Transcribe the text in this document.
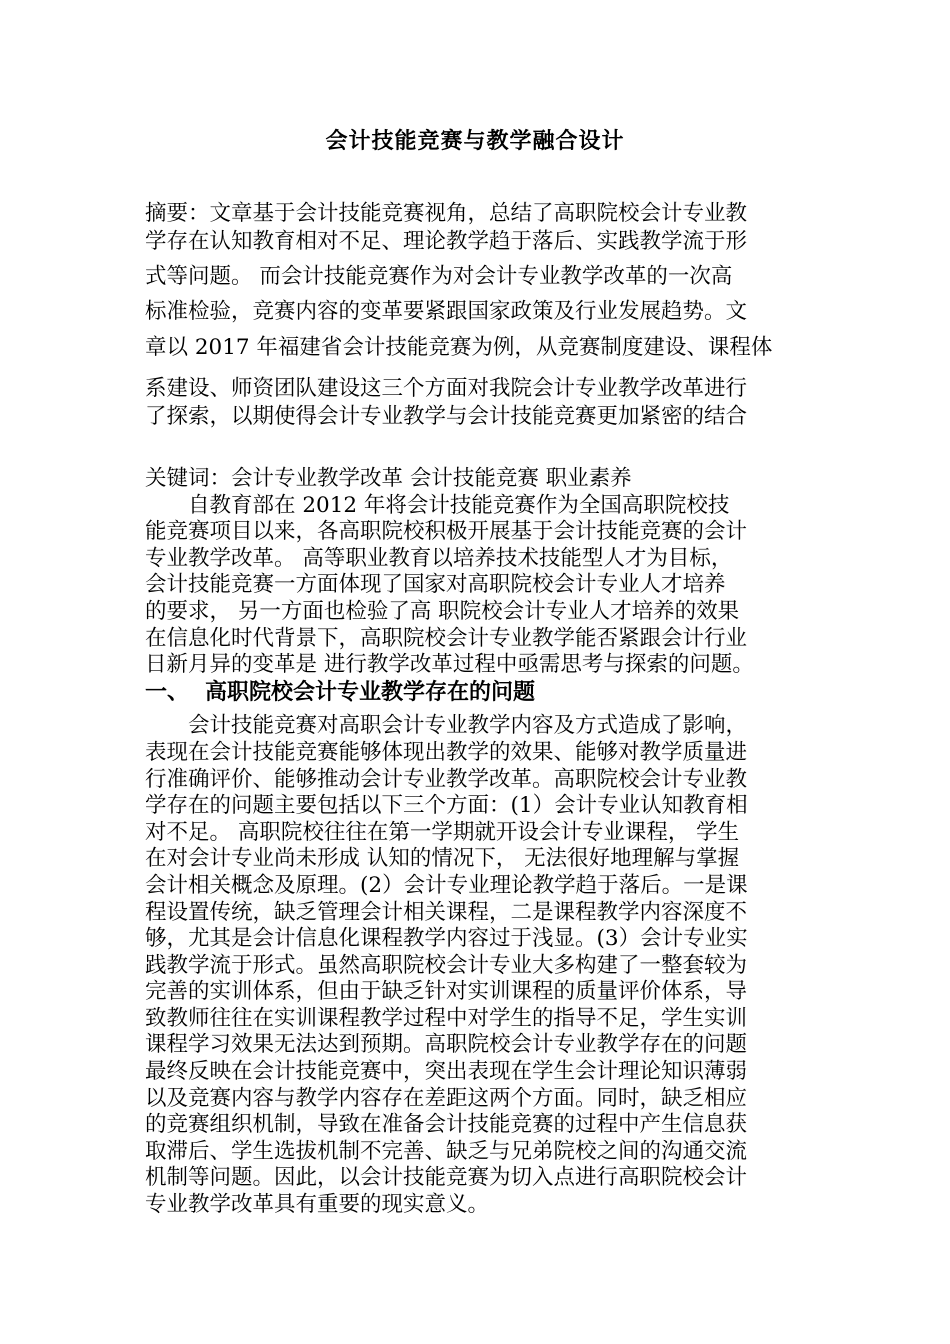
会计技能竞赛与教学融合设计
摘要：文章基于会计技能竞赛视角，总结了高职院校会计专业教
学存在认知教育相对不足、理论教学趋于落后、实践教学流于形
式等问题。 而会计技能竞赛作为对会计专业教学改革的一次高
标准检验，竞赛内容的变革要紧跟国家政策及行业发展趋势。文
章以 2017 年福建省会计技能竞赛为例，从竞赛制度建设、课程体
系建设、师资团队建设这三个方面对我院会计专业教学改革进行
了探索，以期使得会计专业教学与会计技能竞赛更加紧密的结合
关键词：会计专业教学改革 会计技能竞赛 职业素养
　　自教育部在 2012 年将会计技能竞赛作为全国高职院校技
能竞赛项目以来，各高职院校积极开展基于会计技能竞赛的会计
专业教学改革。 高等职业教育以培养技术技能型人才为目标，
会计技能竞赛一方面体现了国家对高职院校会计专业人才培养
的要求， 另一方面也检验了高 职院校会计专业人才培养的效果
在信息化时代背景下，高职院校会计专业教学能否紧跟会计行业
日新月异的变革是 进行教学改革过程中亟需思考与探索的问题。
一、 高职院校会计专业教学存在的问题
　　会计技能竞赛对高职会计专业教学内容及方式造成了影响，
表现在会计技能竞赛能够体现出教学的效果、能够对教学质量进
行准确评价、能够推动会计专业教学改革。高职院校会计专业教
学存在的问题主要包括以下三个方面：(1）会计专业认知教育相
对不足。 高职院校往往在第一学期就开设会计专业课程， 学生
在对会计专业尚未形成 认知的情况下， 无法很好地理解与掌握
会计相关概念及原理。(2）会计专业理论教学趋于落后。一是课
程设置传统，缺乏管理会计相关课程，二是课程教学内容深度不
够，尤其是会计信息化课程教学内容过于浅显。(3）会计专业实
践教学流于形式。虽然高职院校会计专业大多构建了一整套较为
完善的实训体系，但由于缺乏针对实训课程的质量评价体系，导
致教师往往在实训课程教学过程中对学生的指导不足，学生实训
课程学习效果无法达到预期。高职院校会计专业教学存在的问题
最终反映在会计技能竞赛中，突出表现在学生会计理论知识薄弱
以及竞赛内容与教学内容存在差距这两个方面。同时，缺乏相应
的竞赛组织机制，导致在准备会计技能竞赛的过程中产生信息获
取滞后、学生选拔机制不完善、缺乏与兄弟院校之间的沟通交流
机制等问题。因此，以会计技能竞赛为切入点进行高职院校会计
专业教学改革具有重要的现实意义。
